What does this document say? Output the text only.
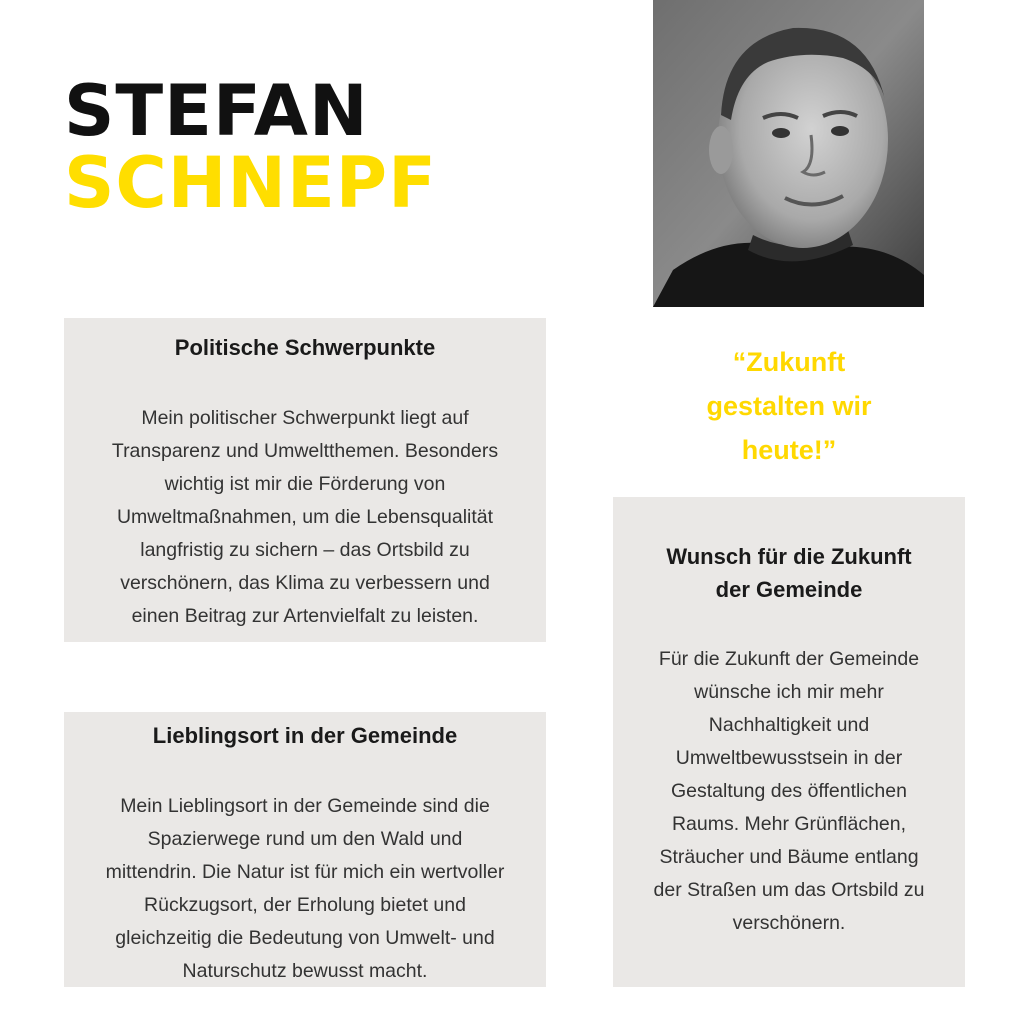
STEFAN
SCHNEPF
“Zukunft
gestalten wir
heute!”
Politische Schwerpunkte
Mein politischer Schwerpunkt liegt auf
Transparenz und Umweltthemen. Besonders
wichtig ist mir die Förderung von
Umweltmaßnahmen, um die Lebensqualität
langfristig zu sichern – das Ortsbild zu
verschönern, das Klima zu verbessern und
einen Beitrag zur Artenvielfalt zu leisten.
Lieblingsort in der Gemeinde
Mein Lieblingsort in der Gemeinde sind die
Spazierwege rund um den Wald und
mittendrin. Die Natur ist für mich ein wertvoller
Rückzugsort, der Erholung bietet und
gleichzeitig die Bedeutung von Umwelt- und
Naturschutz bewusst macht.
Wunsch für die Zukunft
der Gemeinde
Für die Zukunft der Gemeinde
wünsche ich mir mehr
Nachhaltigkeit und
Umweltbewusstsein in der
Gestaltung des öffentlichen
Raums. Mehr Grünflächen,
Sträucher und Bäume entlang
der Straßen um das Ortsbild zu
verschönern.
